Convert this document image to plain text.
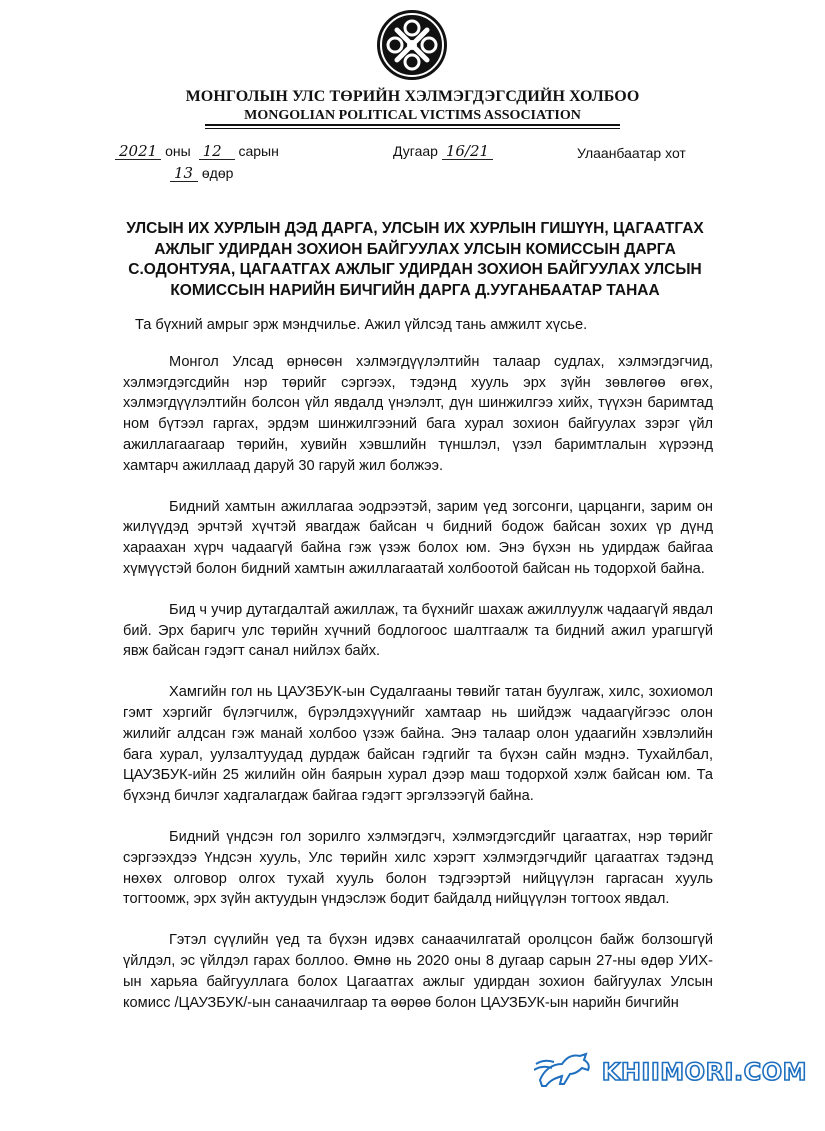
МОНГОЛЫН УЛС ТӨРИЙН ХЭЛМЭГДЭГСДИЙН ХОЛБОО
MONGOLIAN POLITICAL VICTIMS ASSOCIATION
2021 оны 12 сарын
13 өдөр
Дугаар 16/21	Улаанбаатар хот
УЛСЫН ИХ ХУРЛЫН ДЭД ДАРГА, УЛСЫН ИХ ХУРЛЫН ГИШҮҮН, ЦАГААТГАХ АЖЛЫГ УДИРДАН ЗОХИОН БАЙГУУЛАХ УЛСЫН КОМИССЫН ДАРГА С.ОДОНТУЯА, ЦАГААТГАХ АЖЛЫГ УДИРДАН ЗОХИОН БАЙГУУЛАХ УЛСЫН КОМИССЫН НАРИЙН БИЧГИЙН ДАРГА Д.УУГАНБААТАР ТАНАА

Та бүхний амрыг эрж мэндчилье. Ажил үйлсэд тань амжилт хүсье.

Монгол Улсад өрнөсөн хэлмэгдүүлэлтийн талаар судлах, хэлмэгдэгчид, хэлмэгдэгсдийн нэр төрийг сэргээх, тэдэнд хууль эрх зүйн зөвлөгөө өгөх, хэлмэгдүүлэлтийн болсон үйл явдалд үнэлэлт, дүн шинжилгээ хийх, түүхэн баримтад ном бүтээл гаргах, эрдэм шинжилгээний бага хурал зохион байгуулах зэрэг үйл ажиллагаагаар төрийн, хувийн хэвшлийн түншлэл, үзэл баримтлалын хүрээнд хамтарч ажиллаад даруй 30 гаруй жил болжээ.

Бидний хамтын ажиллагаа эодрээтэй, зарим үед зогсонги, царцанги, зарим он жилүүдэд эрчтэй хүчтэй явагдаж байсан ч бидний бодож байсан зохих үр дүнд хараахан хүрч чадаагүй байна гэж үзэж болох юм. Энэ бүхэн нь удирдаж байгаа хүмүүстэй болон бидний хамтын ажиллагаатай холбоотой байсан нь тодорхой байна.

Бид ч учир дутагдалтай ажиллаж, та бүхнийг шахаж ажиллуулж чадаагүй явдал бий. Эрх баригч улс төрийн хүчний бодлогоос шалтгаалж та бидний ажил урагшгүй явж байсан гэдэгт санал нийлэх байх.

Хамгийн гол нь ЦАУЗБУК-ын Судалгааны төвийг татан буулгаж, хилс, зохиомол гэмт хэргийг бүлэгчилж, бүрэлдэхүүнийг хамтаар нь шийдэж чадаагүйгээс олон жилийг алдсан гэж манай холбоо үзэж байна. Энэ талаар олон удаагийн хэвлэлийн бага хурал, уулзалтуудад дурдаж байсан гэдгийг та бүхэн сайн мэднэ. Тухайлбал, ЦАУЗБУК-ийн 25 жилийн ойн баярын хурал дээр маш тодорхой хэлж байсан юм. Та бүхэнд бичлэг хадгалагдаж байгаа гэдэгт эргэлзээгүй байна.

Бидний үндсэн гол зорилго хэлмэгдэгч, хэлмэгдэгсдийг цагаатгах, нэр төрийг сэргээхдээ Үндсэн хууль, Улс төрийн хилс хэрэгт хэлмэгдэгчдийг цагаатгах тэдэнд нөхөх олговор олгох тухай хууль болон тэдгээртэй нийцүүлэн гаргасан хууль тогтоомж, эрх зүйн актуудын үндэслэж бодит байдалд нийцүүлэн тогтоох явдал.

Гэтэл сүүлийн үед та бүхэн идэвх санаачилгатай оролцсон байж болзошгүй үйлдэл, эс үйлдэл гарах боллоо. Өмнө нь 2020 оны 8 дугаар сарын 27-ны өдөр УИХ-ын харьяа байгууллага болох Цагаатгах ажлыг удирдан зохион байгуулах Улсын комисс /ЦАУЗБУК/-ын санаачилгаар та өөрөө болон ЦАУЗБУК-ын нарийн бичгийн

KHIIMORI.COM
